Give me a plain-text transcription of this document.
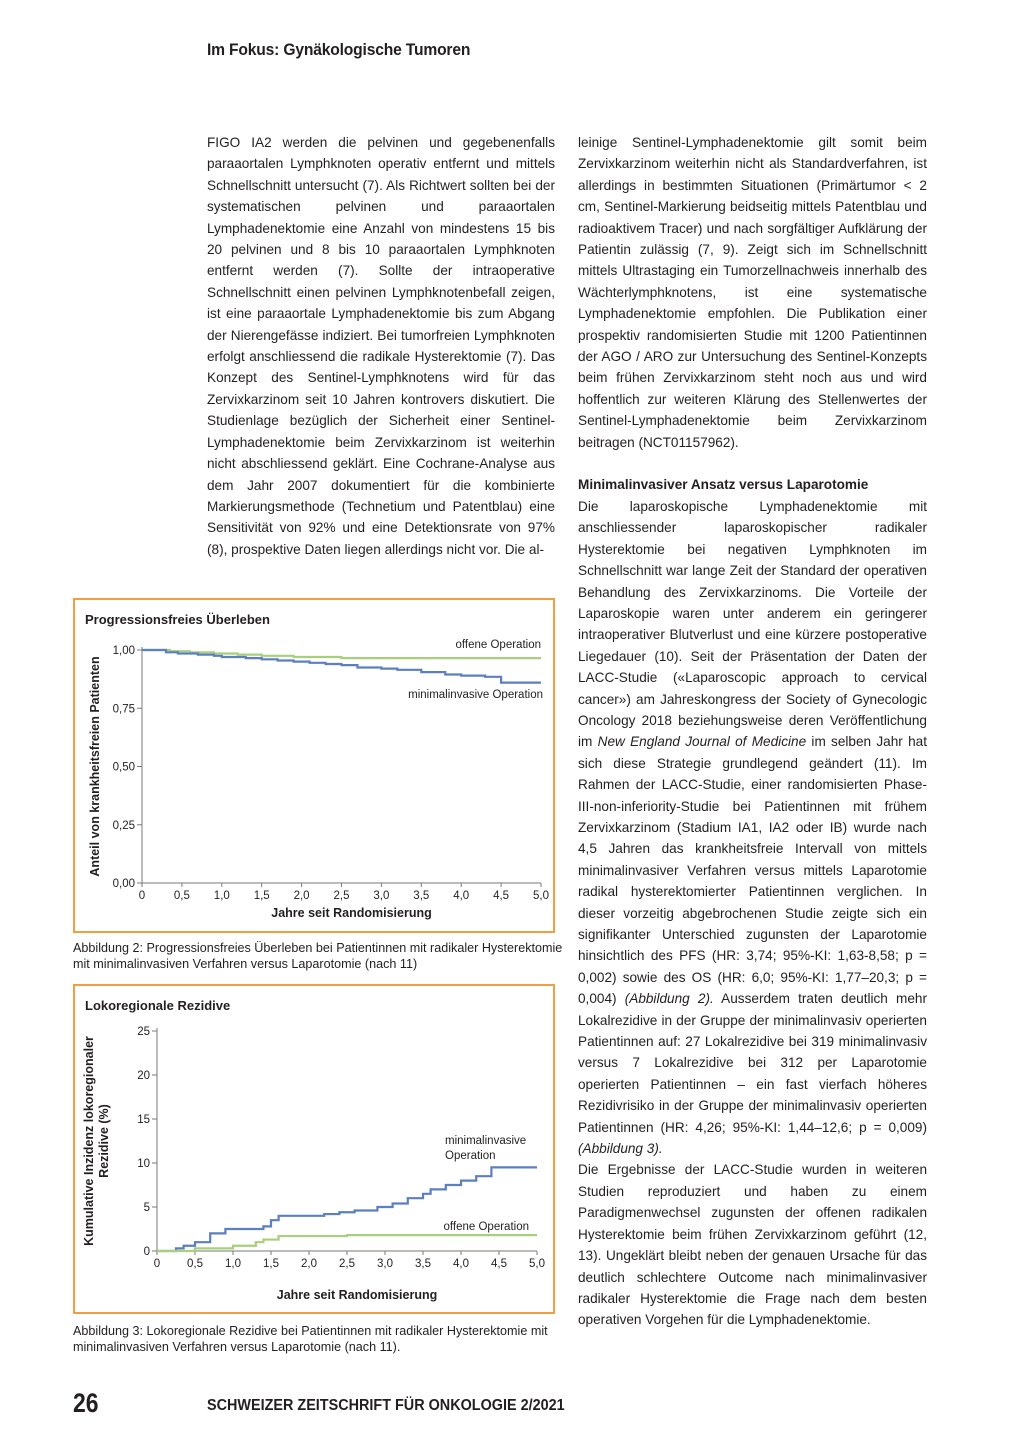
Im Fokus: Gynäkologische Tumoren

FIGO IA2 werden die pelvinen und gegebenenfalls paraaortalen Lymphknoten operativ entfernt und mittels Schnellschnitt untersucht (7). Als Richtwert sollten bei der systematischen pelvinen und paraaortalen Lymphadenektomie eine Anzahl von mindestens 15 bis 20 pelvinen und 8 bis 10 paraaortalen Lymphknoten entfernt werden (7). Sollte der intraoperative Schnellschnitt einen pelvinen Lymphknotenbefall zeigen, ist eine paraaortale Lymphadenektomie bis zum Abgang der Nierengefässe indiziert. Bei tumorfreien Lymphknoten erfolgt anschliessend die radikale Hysterektomie (7). Das Konzept des Sentinel-Lymphknotens wird für das Zervixkarzinom seit 10 Jahren kontrovers diskutiert. Die Studienlage bezüglich der Sicherheit einer Sentinel-Lymphadenektomie beim Zervixkarzinom ist weiterhin nicht abschliessend geklärt. Eine Cochrane-Analyse aus dem Jahr 2007 dokumentiert für die kombinierte Markierungsmethode (Technetium und Patentblau) eine Sensitivität von 92% und eine Detektionsrate von 97% (8), prospektive Daten liegen allerdings nicht vor. Die al-

leinige Sentinel-Lymphadenektomie gilt somit beim Zervixkarzinom weiterhin nicht als Standardverfahren, ist allerdings in bestimmten Situationen (Primärtumor < 2 cm, Sentinel-Markierung beidseitig mittels Patentblau und radioaktivem Tracer) und nach sorgfältiger Aufklärung der Patientin zulässig (7, 9). Zeigt sich im Schnellschnitt mittels Ultrastaging ein Tumorzellnachweis innerhalb des Wächterlymphknotens, ist eine systematische Lymphadenektomie empfohlen. Die Publikation einer prospektiv randomisierten Studie mit 1200 Patientinnen der AGO / ARO zur Untersuchung des Sentinel-Konzepts beim frühen Zervixkarzinom steht noch aus und wird hoffentlich zur weiteren Klärung des Stellenwertes der Sentinel-Lymphadenektomie beim Zervixkarzinom beitragen (NCT01157962).

Minimalinvasiver Ansatz versus Laparotomie

Die laparoskopische Lymphadenektomie mit anschliessender laparoskopischer radikaler Hysterektomie bei negativen Lymphknoten im Schnellschnitt war lange Zeit der Standard der operativen Behandlung des Zervixkarzinoms. Die Vorteile der Laparoskopie waren unter anderem ein geringerer intraoperativer Blutverlust und eine kürzere postoperative Liegedauer (10). Seit der Präsentation der Daten der LACC-Studie («Laparoscopic approach to cervical cancer») am Jahreskongress der Society of Gynecologic Oncology 2018 beziehungsweise deren Veröffentlichung im New England Journal of Medicine im selben Jahr hat sich diese Strategie grundlegend geändert (11). Im Rahmen der LACC-Studie, einer randomisierten Phase-III-non-inferiority-Studie bei Patientinnen mit frühem Zervixkarzinom (Stadium IA1, IA2 oder IB) wurde nach 4,5 Jahren das krankheitsfreie Intervall von mittels minimalinvasiver Verfahren versus mittels Laparotomie radikal hysterektomierter Patientinnen verglichen. In dieser vorzeitig abgebrochenen Studie zeigte sich ein signifikanter Unterschied zugunsten der Laparotomie hinsichtlich des PFS (HR: 3,74; 95%-KI: 1,63-8,58; p = 0,002) sowie des OS (HR: 6,0; 95%-KI: 1,77–20,3; p = 0,004) (Abbildung 2). Ausserdem traten deutlich mehr Lokalrezidive in der Gruppe der minimalinvasiv operierten Patientinnen auf: 27 Lokalrezidive bei 319 minimalinvasiv versus 7 Lokalrezidive bei 312 per Laparotomie operierten Patientinnen – ein fast vierfach höheres Rezidivrisiko in der Gruppe der minimalinvasiv operierten Patientinnen (HR: 4,26; 95%-KI: 1,44–12,6; p = 0,009) (Abbildung 3).

Die Ergebnisse der LACC-Studie wurden in weiteren Studien reproduziert und haben zu einem Paradigmenwechsel zugunsten der offenen radikalen Hysterektomie beim frühen Zervixkarzinom geführt (12, 13). Ungeklärt bleibt neben der genauen Ursache für das deutlich schlechtere Outcome nach minimalinvasiver radikaler Hysterektomie die Frage nach dem besten operativen Vorgehen für die Lymphadenektomie.

Progressionsfreies Überleben
0 0,5 1,0 1,5 2,0 2,5 3,0 3,5 4,0 4,5 5,0
0,00
0,25
0,50
0,75
1,00
Jahre seit Randomisierung
Anteil von krankheitsfreien Patienten
offene Operation
minimalinvasive Operation
Abbildung 2: Progressionsfreies Überleben bei Patientinnen mit radikaler Hysterektomie mit minimalinvasiven Verfahren versus Laparotomie (nach 11)
Lokoregionale Rezidive
0 0,5 1,0 1,5 2,0 2,5 3,0 3,5 4,0 4,5 5,0
0
5
10
15
20
25
Jahre seit Randomisierung
Kumulative Inzidenz lokoregionalerRezidive (%)	minimalinvasive Operation
offene Operation
Abbildung 3: Lokoregionale Rezidive bei Patientinnen mit radikaler Hysterektomie mit minimalinvasiven Verfahren versus Laparotomie (nach 11).
26	SCHWEIZER ZEITSCHRIFT FÜR ONKOLOGIE 2/2021
